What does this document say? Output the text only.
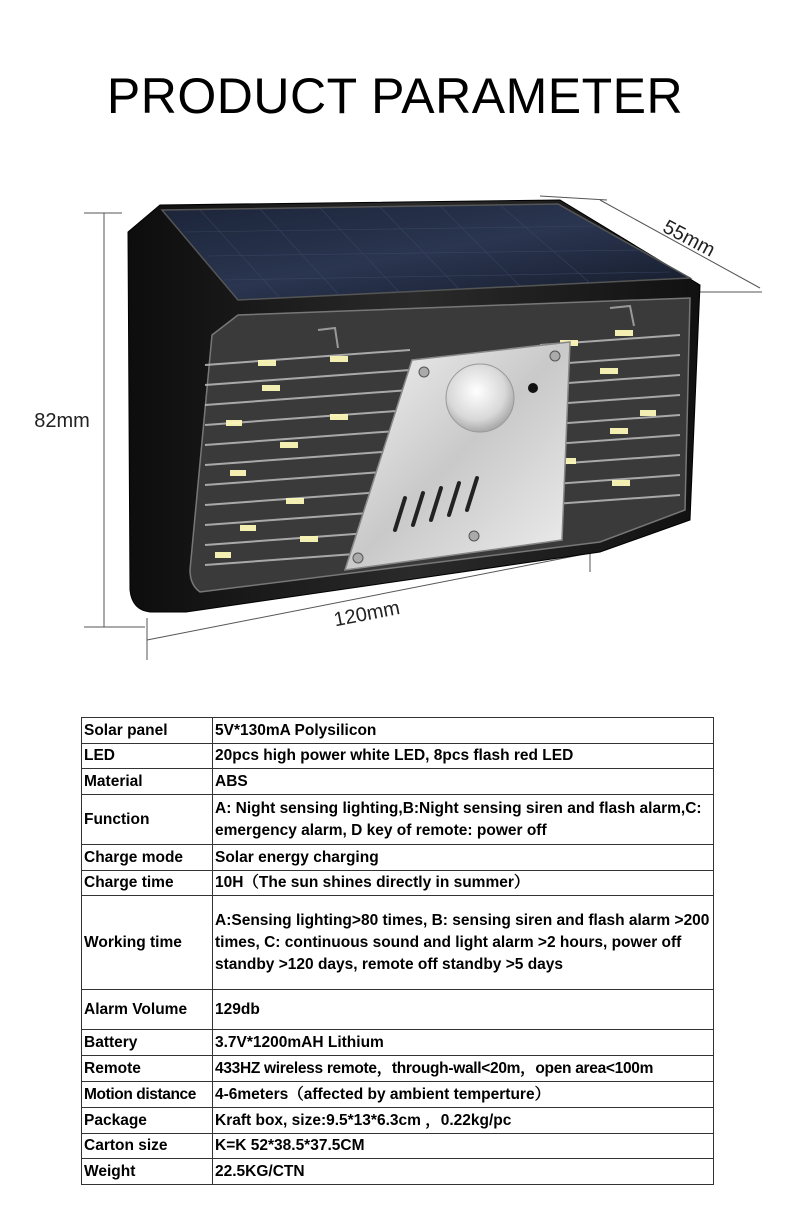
PRODUCT PARAMETER
82mm
55mm
120mm
Solar panel	5V*130mA Polysilicon
LED	20pcs high power white LED, 8pcs flash red LED
Material	ABS
Function	A: Night sensing lighting,B:Night sensing siren and flash alarm,C: emergency alarm, D key of remote: power off
Charge mode	Solar energy charging
Charge time	10H（The sun shines directly in summer）
Working time	A:Sensing lighting>80 times, B: sensing siren and flash alarm >200 times, C: continuous sound and light alarm >2 hours, power off standby >120 days, remote off standby >5 days
Alarm Volume	129db
Battery	3.7V*1200mAH Lithium
Remote	433HZ wireless remote，through-wall<20m，open area<100m
Motion distance	4-6meters（affected by ambient temperture）
Package	Kraft box, size:9.5*13*6.3cm ，0.22kg/pc
Carton size	K=K 52*38.5*37.5CM
Weight	22.5KG/CTN
